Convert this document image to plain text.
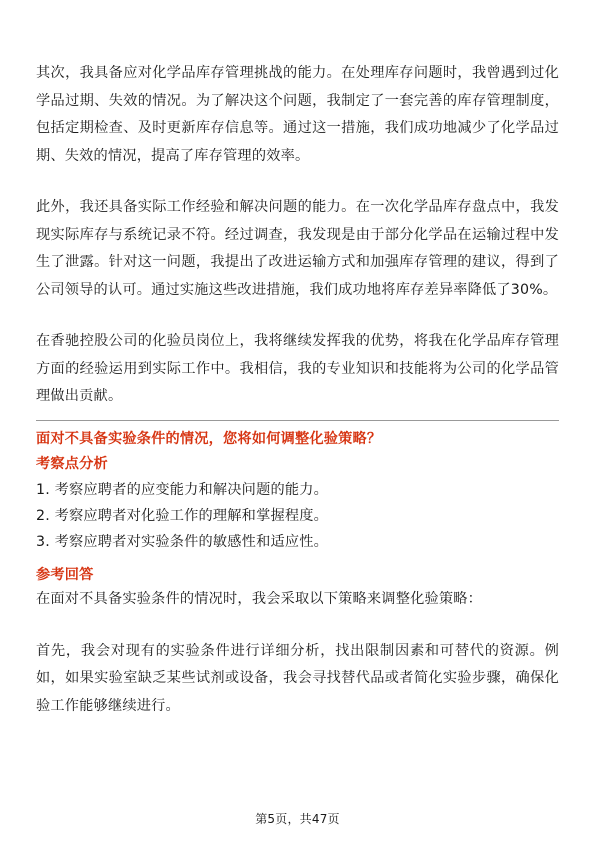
其次，我具备应对化学品库存管理挑战的能力。在处理库存问题时，我曾遇到过化学品过期、失效的情况。为了解决这个问题，我制定了一套完善的库存管理制度，包括定期检查、及时更新库存信息等。通过这一措施，我们成功地减少了化学品过期、失效的情况，提高了库存管理的效率。

此外，我还具备实际工作经验和解决问题的能力。在一次化学品库存盘点中，我发现实际库存与系统记录不符。经过调查，我发现是由于部分化学品在运输过程中发生了泄露。针对这一问题，我提出了改进运输方式和加强库存管理的建议，得到了公司领导的认可。通过实施这些改进措施，我们成功地将库存差异率降低了30%。

在香驰控股公司的化验员岗位上，我将继续发挥我的优势，将我在化学品库存管理方面的经验运用到实际工作中。我相信，我的专业知识和技能将为公司的化学品管理做出贡献。

面对不具备实验条件的情况，您将如何调整化验策略？

考察点分析

1. 考察应聘者的应变能力和解决问题的能力。
2. 考察应聘者对化验工作的理解和掌握程度。
3. 考察应聘者对实验条件的敏感性和适应性。

参考回答

在面对不具备实验条件的情况时，我会采取以下策略来调整化验策略：

首先，我会对现有的实验条件进行详细分析，找出限制因素和可替代的资源。例如，如果实验室缺乏某些试剂或设备，我会寻找替代品或者简化实验步骤，确保化验工作能够继续进行。

第5页，共47页
